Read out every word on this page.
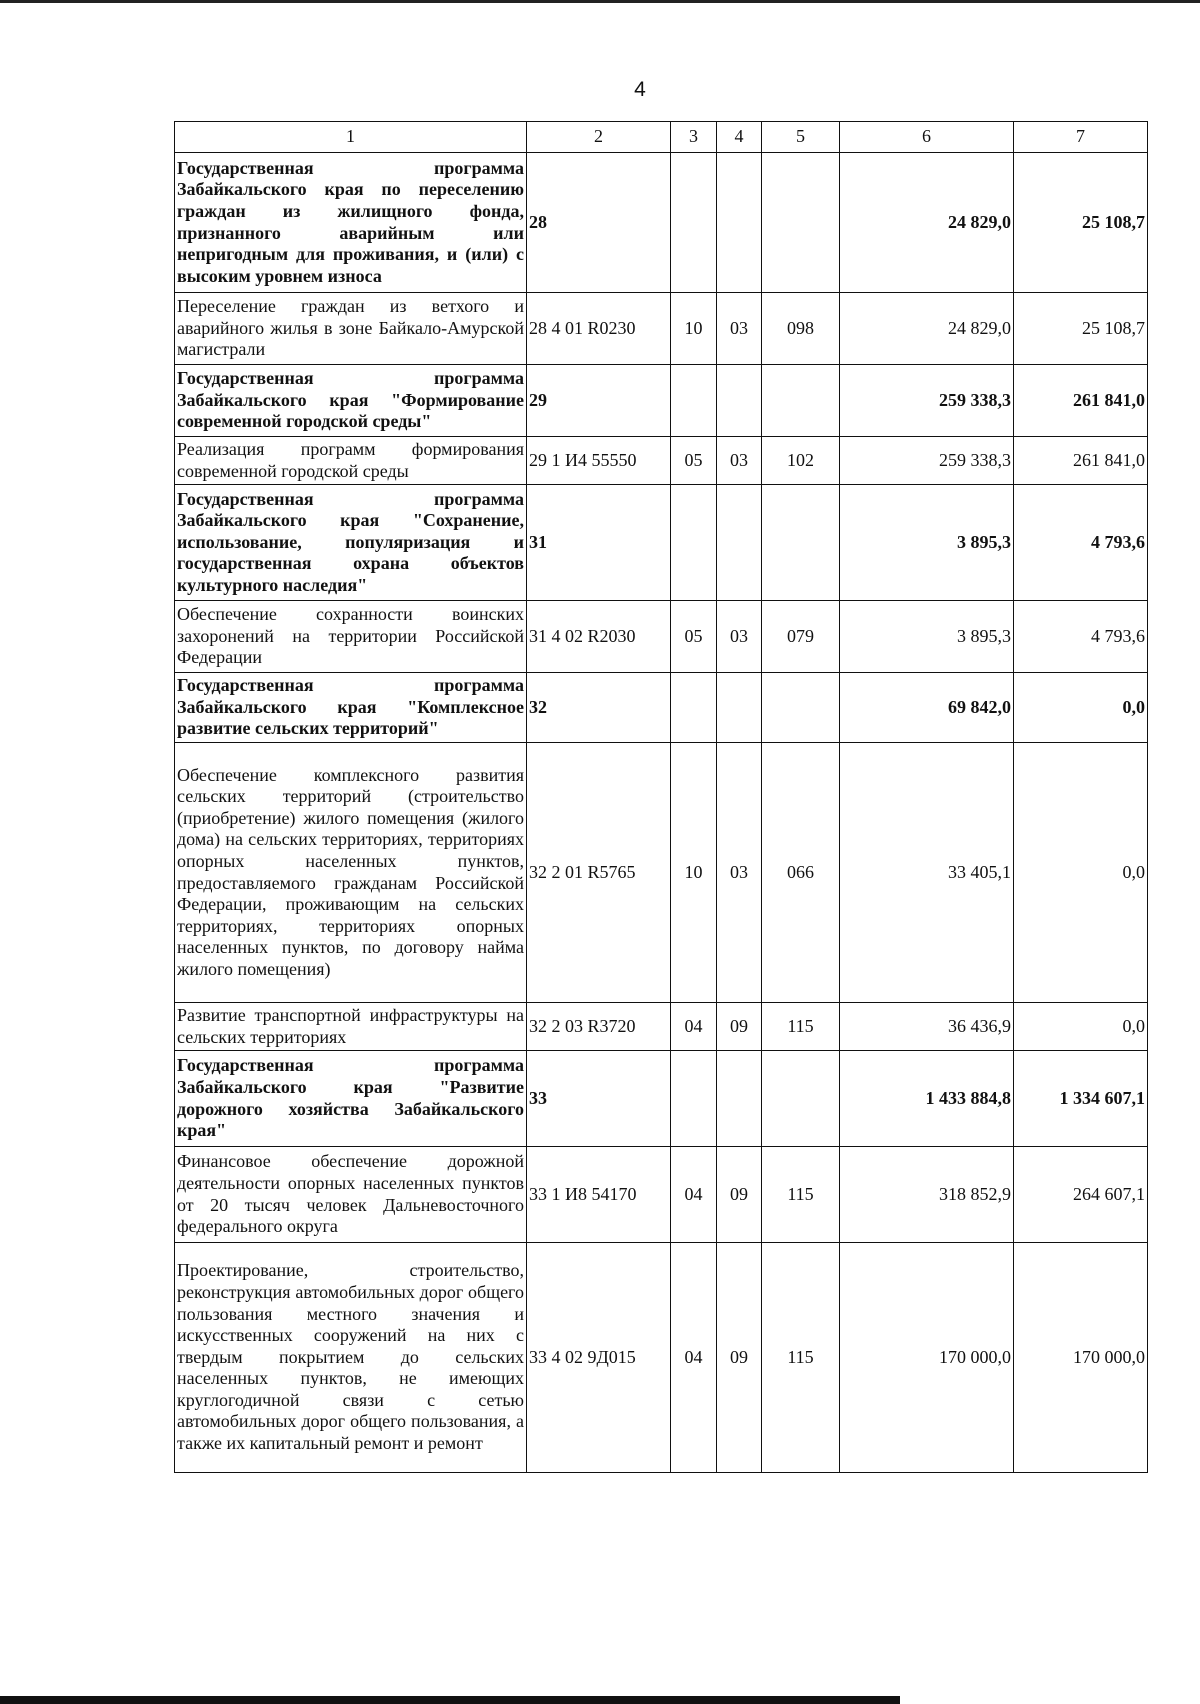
4
1	2	3	4	5	6	7
Государственная программа Забайкальского края по переселению граждан из жилищного фонда, признанного аварийным или непригодным для проживания, и (или) с высоким уровнем износа	28				24 829,0	25 108,7
Переселение граждан из ветхого и аварийного жилья в зоне Байкало-Амурской магистрали	28 4 01 R0230	10	03	098	24 829,0	25 108,7
Государственная программа Забайкальского края "Формирование современной городской среды"	29				259 338,3	261 841,0
Реализация программ формирования современной городской среды	29 1 И4 55550	05	03	102	259 338,3	261 841,0
Государственная программа Забайкальского края "Сохранение, использование, популяризация и государственная охрана объектов культурного наследия"	31				3 895,3	4 793,6
Обеспечение сохранности воинских захоронений на территории Российской Федерации	31 4 02 R2030	05	03	079	3 895,3	4 793,6
Государственная программа Забайкальского края "Комплексное развитие сельских территорий"	32				69 842,0	0,0
Обеспечение комплексного развития сельских территорий (строительство (приобретение) жилого помещения (жилого дома) на сельских территориях, территориях опорных населенных пунктов, предоставляемого гражданам Российской Федерации, проживающим на сельских территориях, территориях опорных населенных пунктов, по договору найма жилого помещения)	32 2 01 R5765	10	03	066	33 405,1	0,0
Развитие транспортной инфраструктуры на сельских территориях	32 2 03 R3720	04	09	115	36 436,9	0,0
Государственная программа Забайкальского края "Развитие дорожного хозяйства Забайкальского края"	33				1 433 884,8	1 334 607,1
Финансовое обеспечение дорожной деятельности опорных населенных пунктов от 20 тысяч человек Дальневосточного федерального округа	33 1 И8 54170	04	09	115	318 852,9	264 607,1
Проектирование, строительство, реконструкция автомобильных дорог общего пользования местного значения и искусственных сооружений на них с твердым покрытием до сельских населенных пунктов, не имеющих круглогодичной связи с сетью автомобильных дорог общего пользования, а также их капитальный ремонт и ремонт	33 4 02 9Д015	04	09	115	170 000,0	170 000,0
